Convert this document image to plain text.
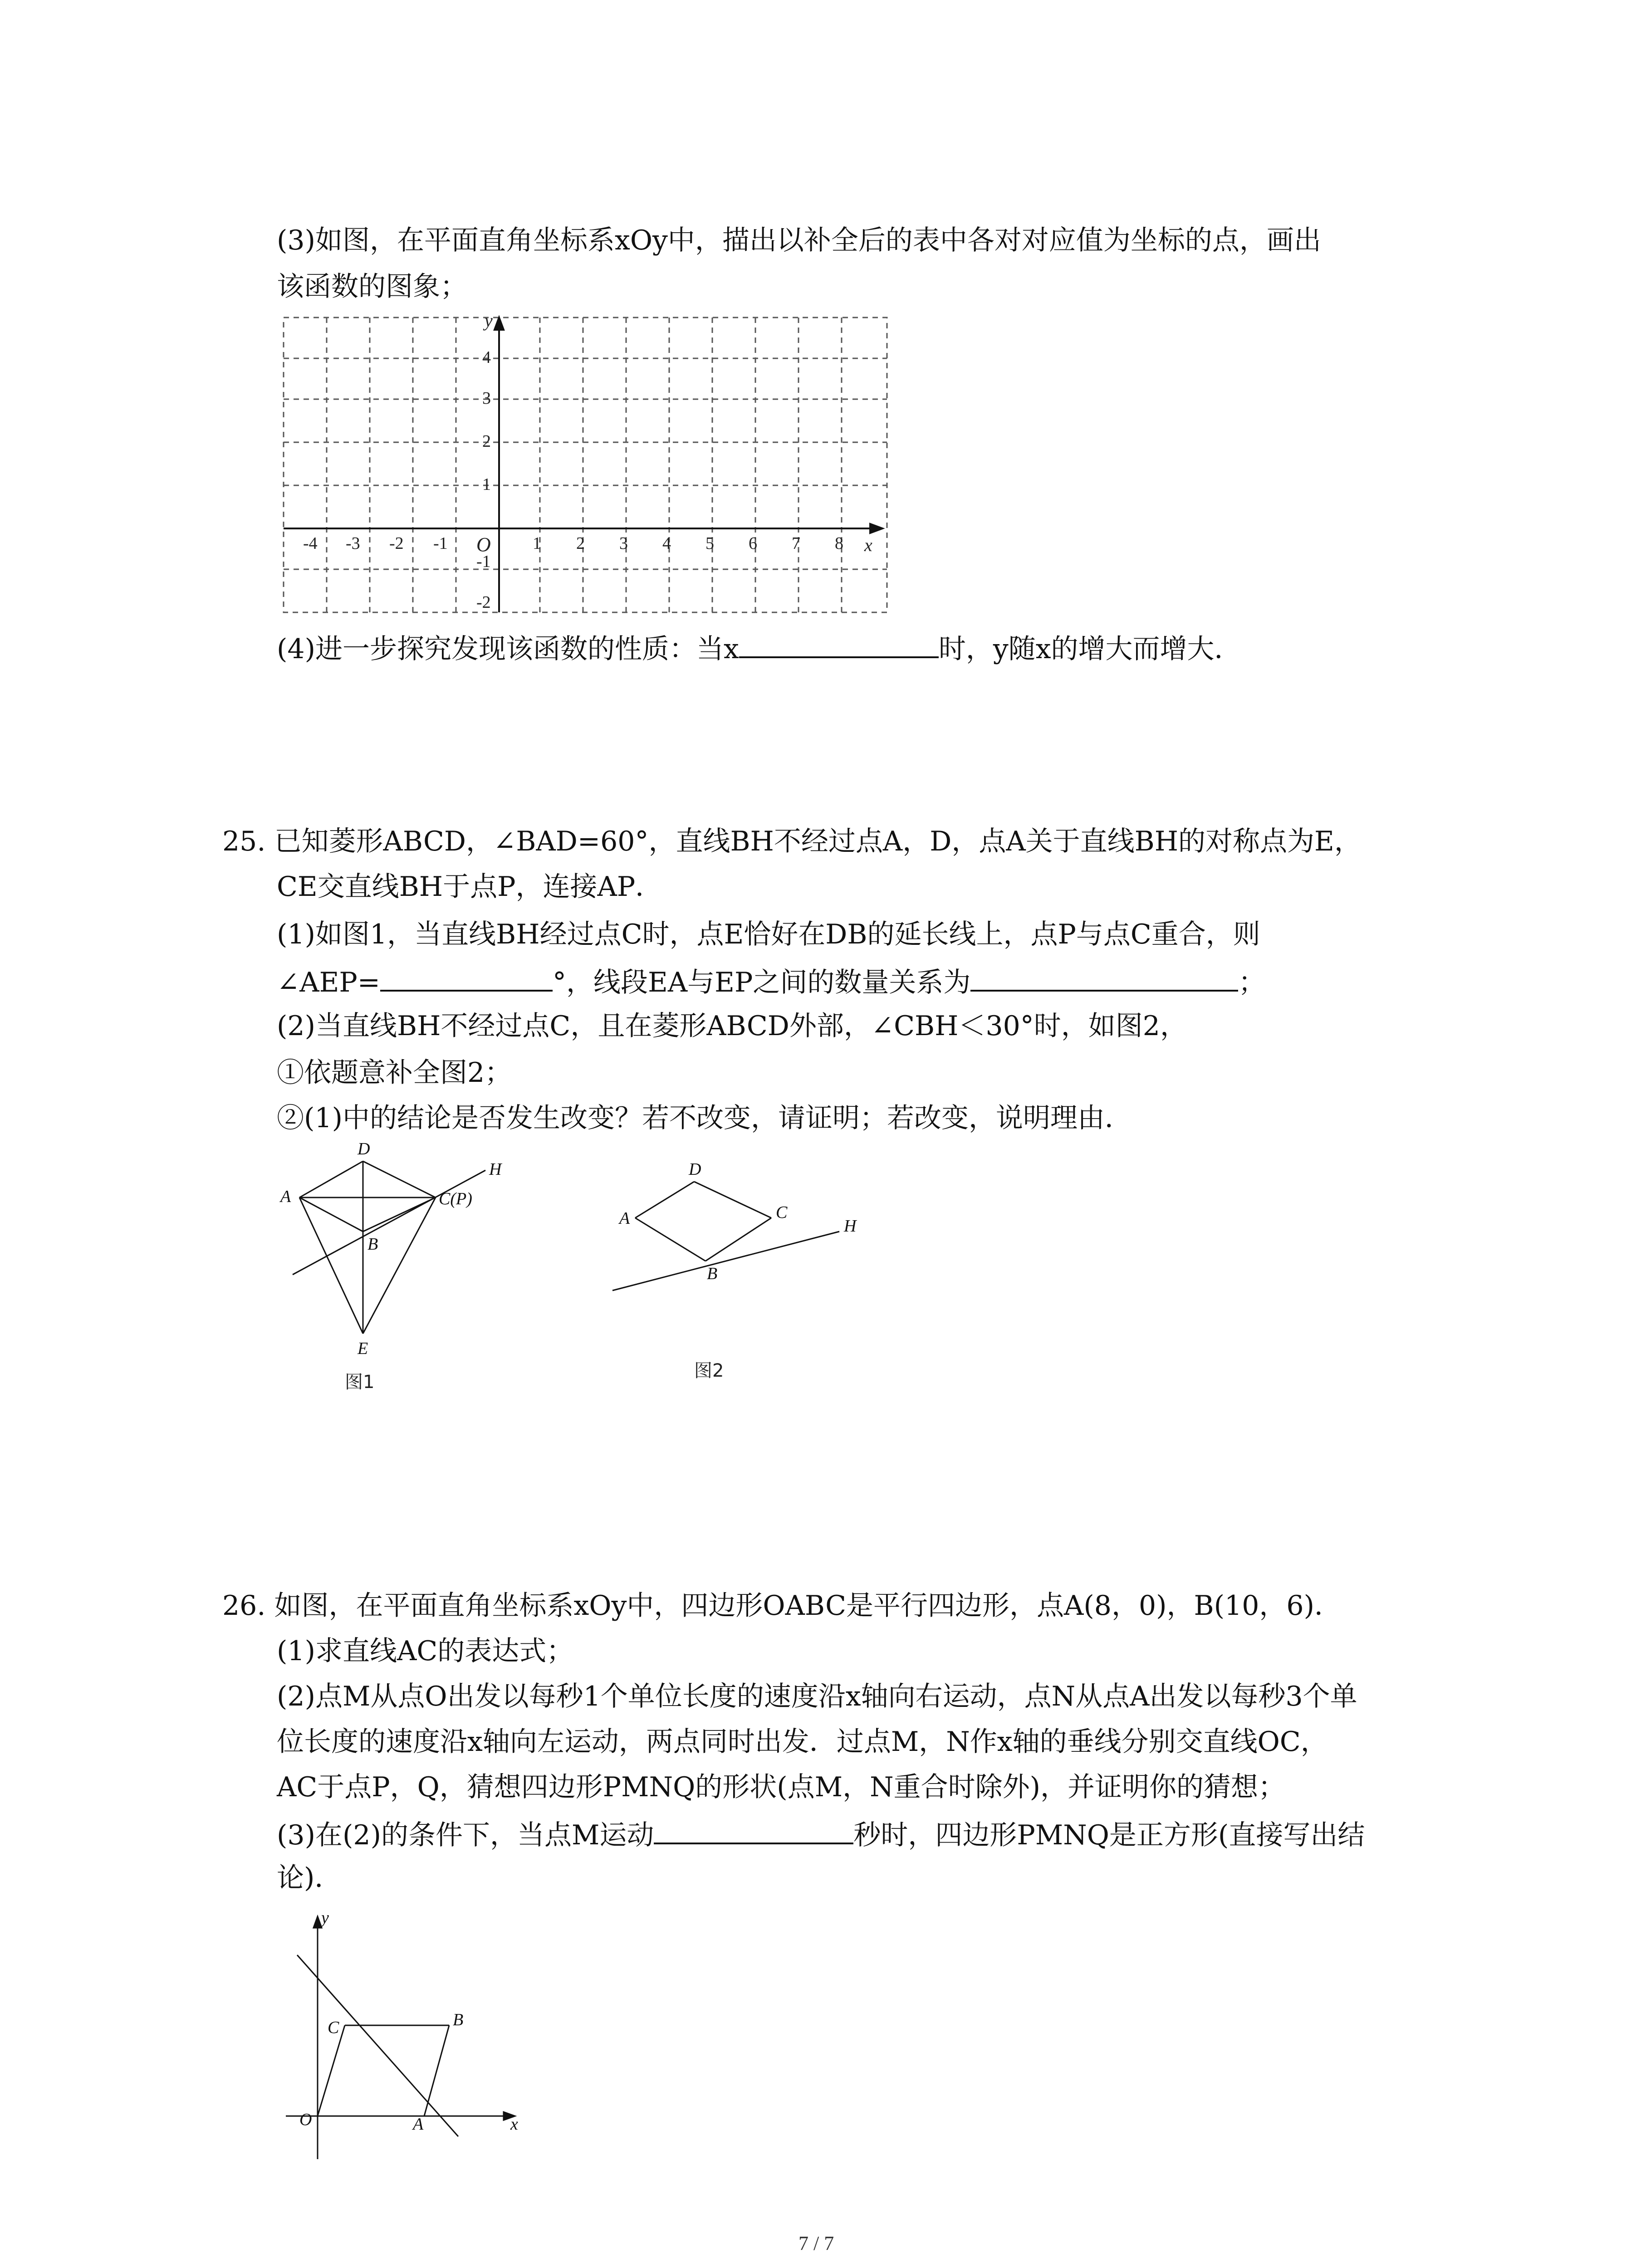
(3)如图，在平面直角坐标系xOy中，描出以补全后的表中各对对应值为坐标的点，画出
该函数的图象；
-4 -3 -2 -1	1 2 3 4 5 6 7 8
4
3
2
1
-1
-2
O	x
y
(4)进一步探究发现该函数的性质：当x	时，y随x的增大而增大．
25. 已知菱形ABCD，∠BAD=60°，直线BH不经过点A，D，点A关于直线BH的对称点为E，
CE交直线BH于点P，连接AP．
(1)如图1，当直线BH经过点C时，点E恰好在DB的延长线上，点P与点C重合，则
∠AEP=	°，线段EA与EP之间的数量关系为	；
(2)当直线BH不经过点C，且在菱形ABCD外部，∠CBH＜30°时，如图2，
①依题意补全图2；
②(1)中的结论是否发生改变？若不改变，请证明；若改变，说明理由．
D
A	C(P)
B
E
H
图1
D
A	C
B
H
图2
26. 如图，在平面直角坐标系xOy中，四边形OABC是平行四边形，点A(8，0)，B(10，6)．
(1)求直线AC的表达式；
(2)点M从点O出发以每秒1个单位长度的速度沿x轴向右运动，点N从点A出发以每秒3个单
位长度的速度沿x轴向左运动，两点同时出发．过点M，N作x轴的垂线分别交直线OC，
AC于点P，Q，猜想四边形PMNQ的形状(点M，N重合时除外)，并证明你的猜想；
(3)在(2)的条件下，当点M运动	秒时，四边形PMNQ是正方形(直接写出结
论)．
y
x
O	A
B
C
7 / 7
